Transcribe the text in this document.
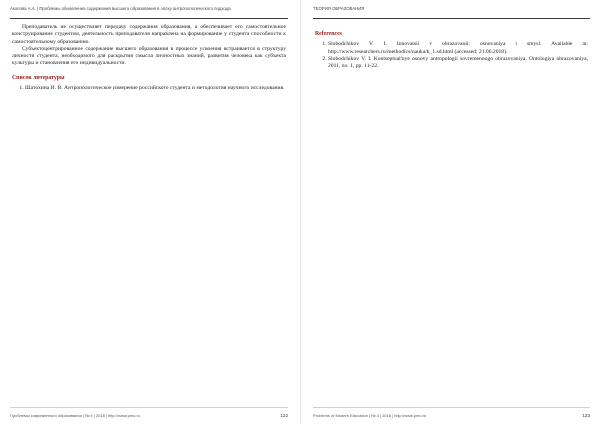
Акопова А.А. | Проблемы обновления содержания высшего образования в эпоху антропологического подхода

Преподаватель не осуществляет передачу содержания образования, а обеспечивает его самостоятельное конструирование студентом, деятельность преподавателя направлена на формирование у студента способности к самостоятельному образованию.

Субъектоцентрированное содержание высшего образования в процессе усвоения встраивается в структуру личности студента, необходимого для раскрытия смысла личностных знаний, развития человека как субъекта культуры и становления его индивидуальности.

Список литературы
1. Шатохина И. В. Антропологическое измерение российского студента и методология научного исследования.
Проблемы современного образования | № 4 | 2018 | http://www.pmo.ru	122
ТЕОРИЯ ОБРАЗОВАНИЯ
References
1. Slobodchikov V. I. Innovatsii v obrazovanii: osnovaniya i smysl. Available at: http://www.researchers.ru/methodics/nauka/k_1.sd.html (accessed: 21.06.2018).
2. Slobodchikov V. I. Kontseptual'nye osnovy antropologii sovremennogo obrazovaniya. Ontologiya obrazovaniya, 2011, no. 1, pp. 11-22.
Problems of Modern Education | № 4 | 2018 | http://www.pmo.ru	123
